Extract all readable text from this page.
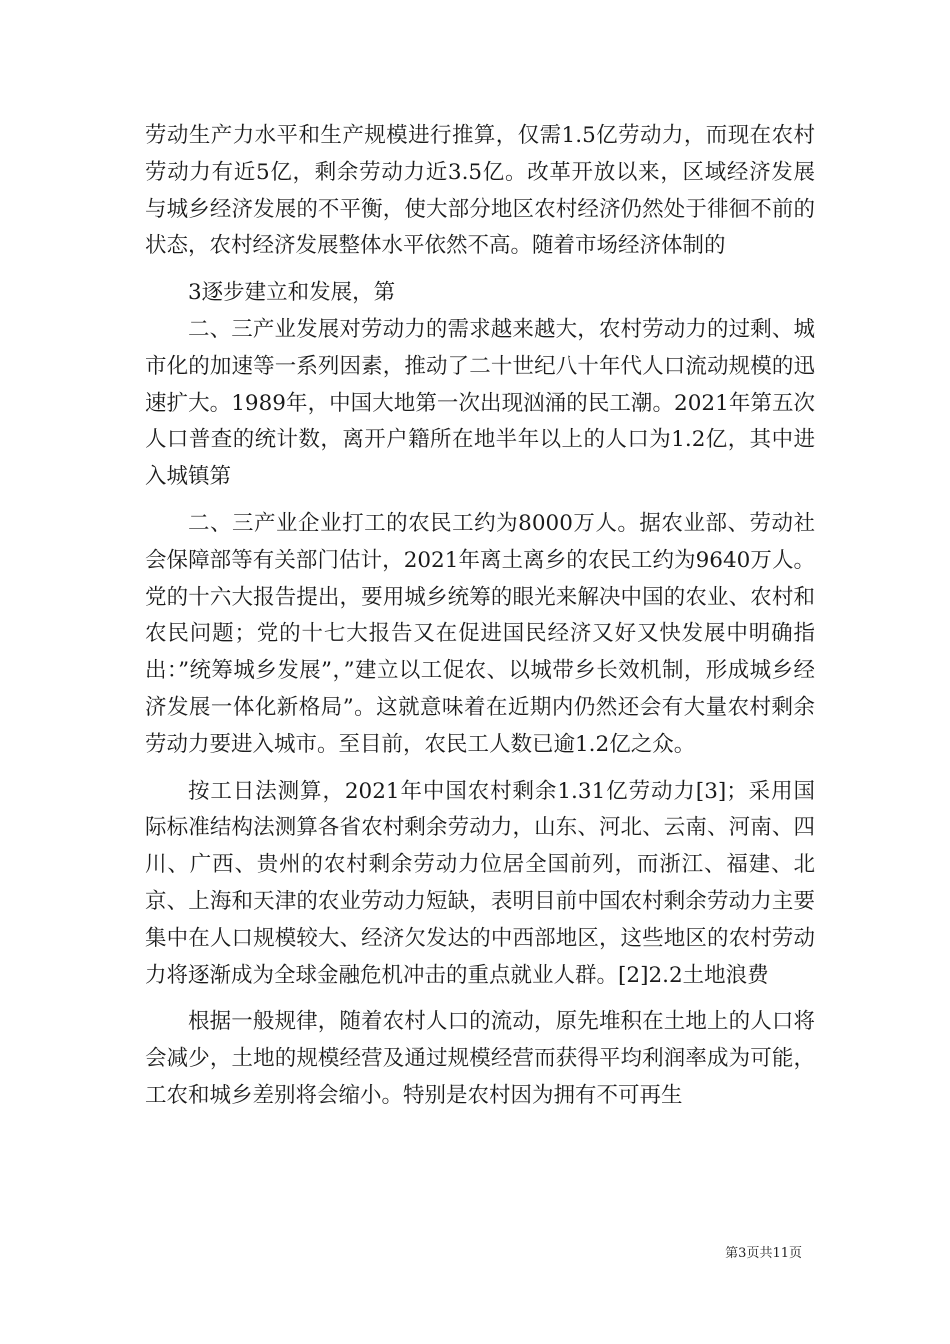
劳动生产力水平和生产规模进行推算，仅需1.5亿劳动力，而现在农村劳动力有近5亿，剩余劳动力近3.5亿。改革开放以来，区域经济发展与城乡经济发展的不平衡，使大部分地区农村经济仍然处于徘徊不前的状态，农村经济发展整体水平依然不高。随着市场经济体制的

3逐步建立和发展，第

二、三产业发展对劳动力的需求越来越大，农村劳动力的过剩、城市化的加速等一系列因素，推动了二十世纪八十年代人口流动规模的迅速扩大。1989年，中国大地第一次出现汹涌的民工潮。2021年第五次人口普查的统计数，离开户籍所在地半年以上的人口为1.2亿，其中进入城镇第

二、三产业企业打工的农民工约为8000万人。据农业部、劳动社会保障部等有关部门估计，2021年离土离乡的农民工约为9640万人。党的十六大报告提出，要用城乡统筹的眼光来解决中国的农业、农村和农民问题；党的十七大报告又在促进国民经济又好又快发展中明确指出：”统筹城乡发展”，”建立以工促农、以城带乡长效机制，形成城乡经济发展一体化新格局”。这就意味着在近期内仍然还会有大量农村剩余劳动力要进入城市。至目前，农民工人数已逾1.2亿之众。

按工日法测算，2021年中国农村剩余1.31亿劳动力[3]；采用国际标准结构法测算各省农村剩余劳动力，山东、河北、云南、河南、四川、广西、贵州的农村剩余劳动力位居全国前列，而浙江、福建、北京、上海和天津的农业劳动力短缺，表明目前中国农村剩余劳动力主要集中在人口规模较大、经济欠发达的中西部地区，这些地区的农村劳动力将逐渐成为全球金融危机冲击的重点就业人群。[2]2.2土地浪费

根据一般规律，随着农村人口的流动，原先堆积在土地上的人口将会减少，土地的规模经营及通过规模经营而获得平均利润率成为可能，工农和城乡差别将会缩小。特别是农村因为拥有不可再生

第3页共11页
